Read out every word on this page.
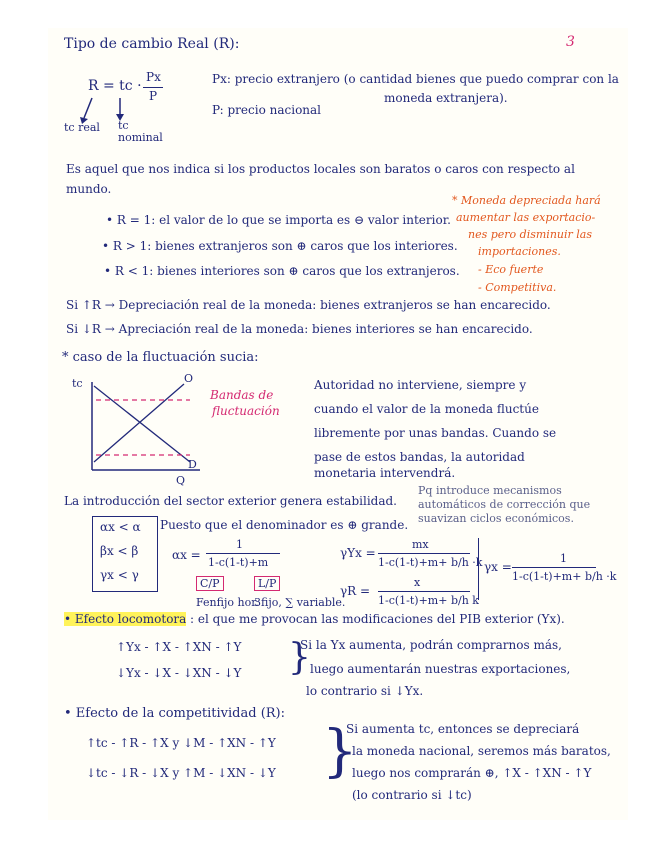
Tipo de cambio Real (R):	3
R = tc ·
Px
P
tc real	tc nominal
Px: precio extranjero (o cantidad bienes que puedo comprar con la
moneda extranjera).
P: precio nacional
Es aquel que nos indica si los productos locales son baratos o caros con respecto al
mundo.
• R = 1: el valor de lo que se importa es ⊖ valor interior.
• R > 1: bienes extranjeros son ⊕ caros que los interiores.
• R < 1: bienes interiores son ⊕ caros que los extranjeros.
* Moneda depreciada hará
aumentar las exportacio-
nes pero disminuir las
importaciones.
- Eco fuerte
- Competitiva.
Si ↑R → Depreciación real de la moneda: bienes extranjeros se han encarecido.
Si ↓R → Apreciación real de la moneda: bienes interiores se han encarecido.
* caso de la fluctuación sucia:
tc	O
D
Q
Bandas de
fluctuación
Autoridad no interviene, siempre y
cuando el valor de la moneda fluctúe
libremente por unas bandas. Cuando se
pase de estos bandas, la autoridad
monetaria intervendrá.
La introducción del sector exterior genera estabilidad.
Pq introduce mecanismos
automáticos de corrección que
suavizan ciclos económicos.
αx < α
βx < β
γx < γ
Puesto que el denominador es ⊕ grande.
αx =
1
1-c(1-t)+m
γYx =
mx
1-c(1-t)+m+ b/h ·k
γR =
x
1-c(1-t)+m+ b/h k
γx =
1
1-c(1-t)+m+ b/h ·k
C/P	L/P
Fenfijo hor.
3fijo, ∑ variable.
• Efecto locomotora : el que me provocan las modificaciones del PIB exterior (Yx).
↑Yx - ↑X - ↑XN - ↑Y
↓Yx - ↓X - ↓XN - ↓Y }
Si la Yx aumenta, podrán comprarnos más,
luego aumentarán nuestras exportaciones,
lo contrario si ↓Yx.
• Efecto de la competitividad (R):
↑tc - ↑R - ↑X y ↓M - ↑XN - ↑Y
↓tc - ↓R - ↓X y ↑M - ↓XN - ↓Y }
Si aumenta tc, entonces se depreciará
la moneda nacional, seremos más baratos,
luego nos comprarán ⊕, ↑X - ↑XN - ↑Y
(lo contrario si ↓tc)
